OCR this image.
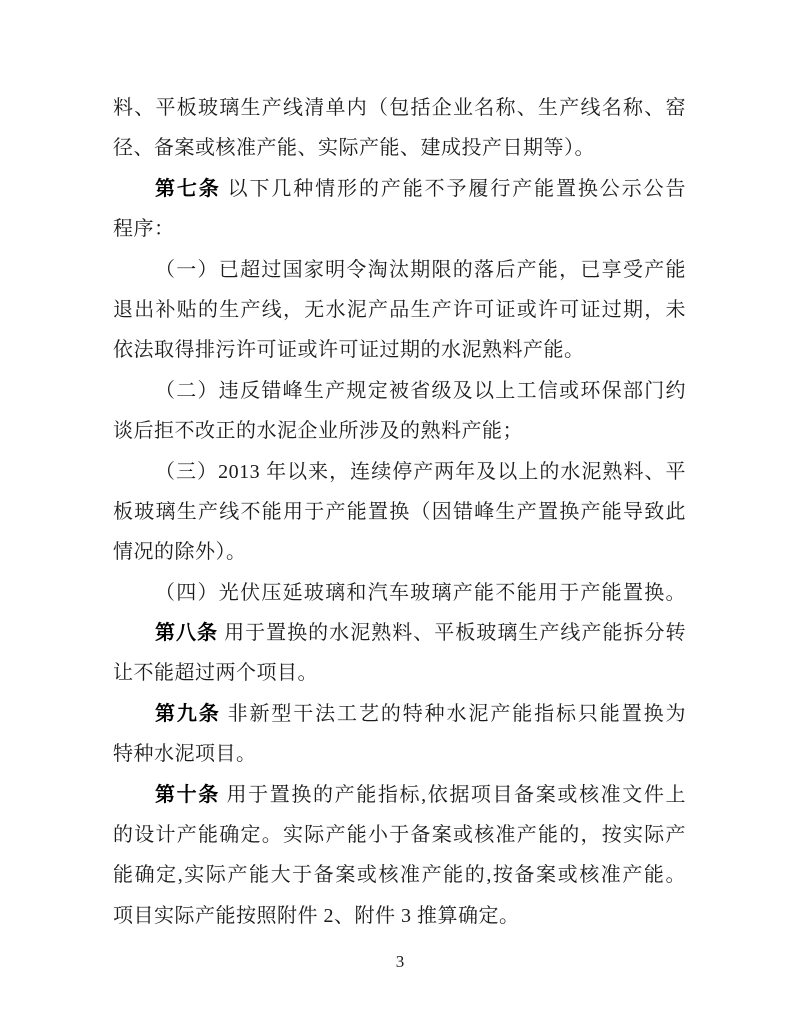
料、平板玻璃生产线清单内（包括企业名称、生产线名称、窑
径、备案或核准产能、实际产能、建成投产日期等）。
第七条 以下几种情形的产能不予履行产能置换公示公告
程序：
（一）已超过国家明令淘汰期限的落后产能，已享受产能
退出补贴的生产线，无水泥产品生产许可证或许可证过期，未
依法取得排污许可证或许可证过期的水泥熟料产能。
（二）违反错峰生产规定被省级及以上工信或环保部门约
谈后拒不改正的水泥企业所涉及的熟料产能；
（三）2013 年以来，连续停产两年及以上的水泥熟料、平
板玻璃生产线不能用于产能置换（因错峰生产置换产能导致此
情况的除外）。
（四）光伏压延玻璃和汽车玻璃产能不能用于产能置换。
第八条 用于置换的水泥熟料、平板玻璃生产线产能拆分转
让不能超过两个项目。
第九条 非新型干法工艺的特种水泥产能指标只能置换为
特种水泥项目。
第十条 用于置换的产能指标,依据项目备案或核准文件上
的设计产能确定。实际产能小于备案或核准产能的，按实际产
能确定,实际产能大于备案或核准产能的,按备案或核准产能。
项目实际产能按照附件 2、附件 3 推算确定。
3
